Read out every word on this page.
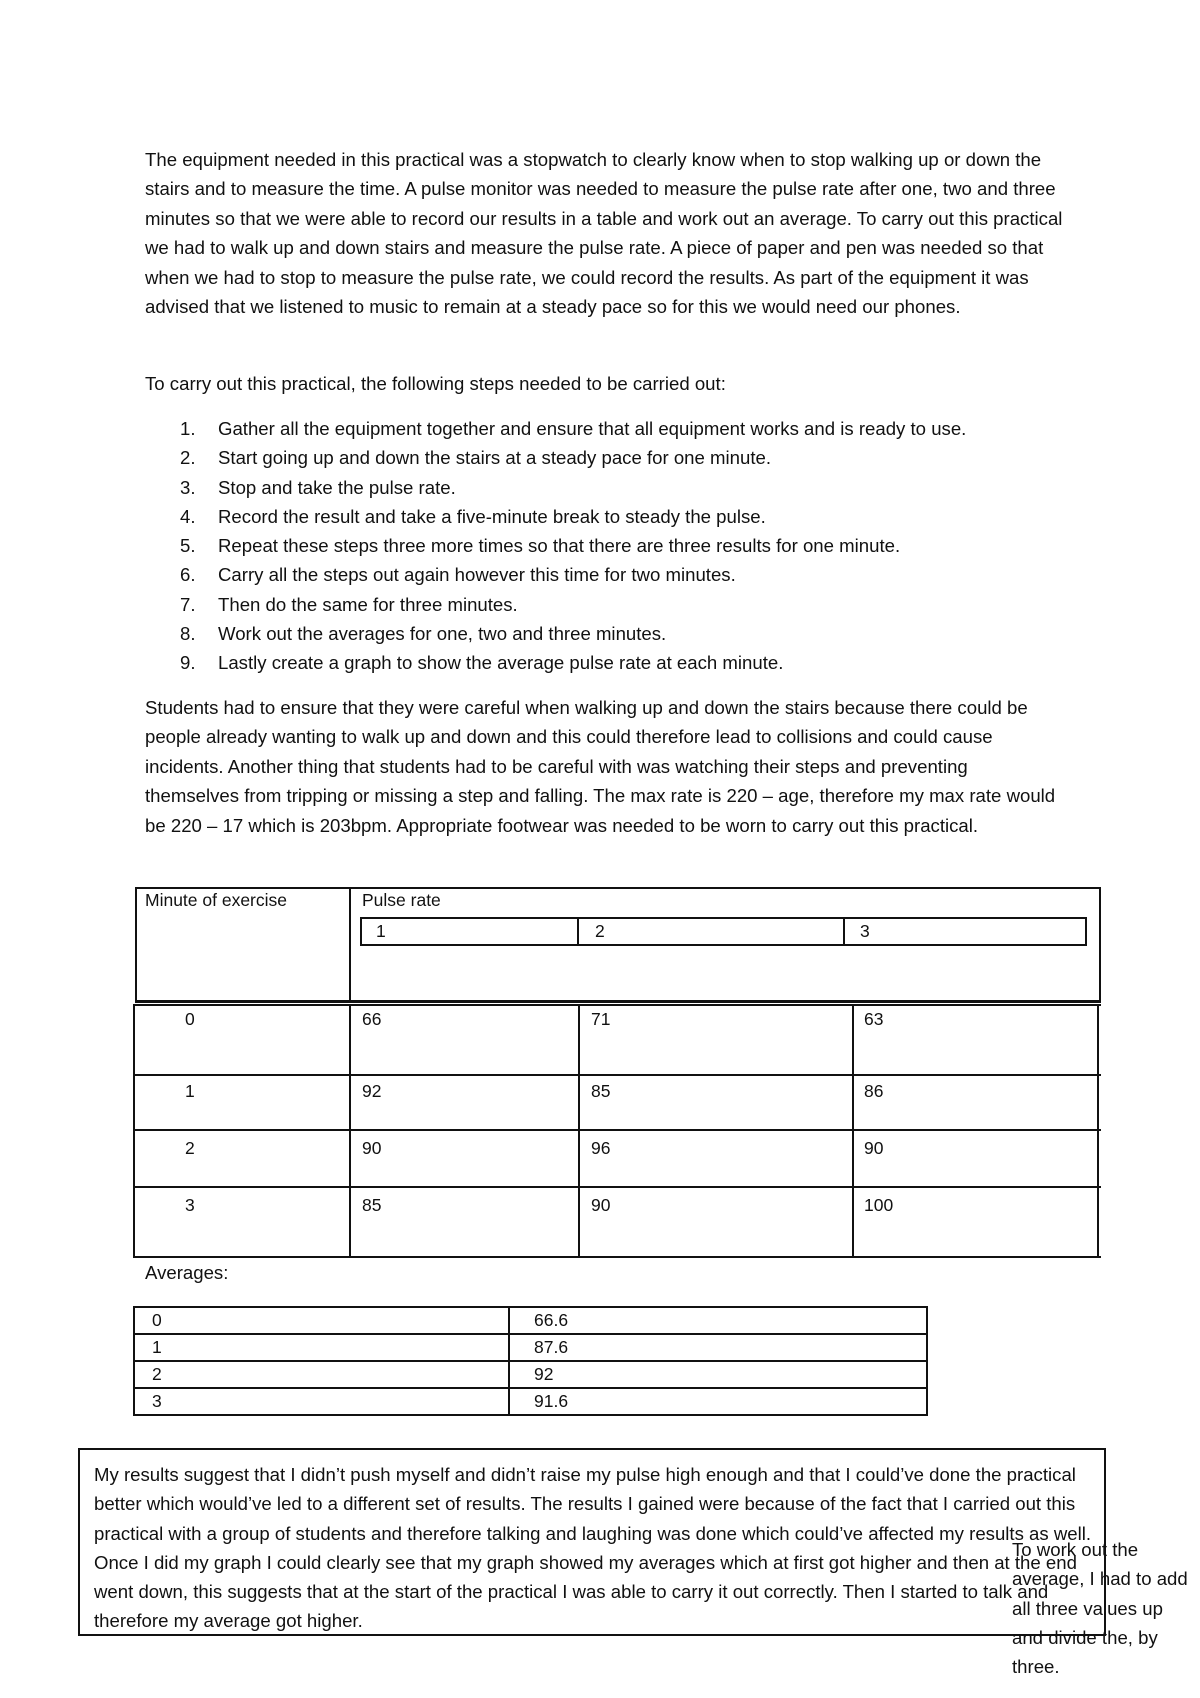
The equipment needed in this practical was a stopwatch to clearly know when to stop walking up or down the stairs and to measure the time. A pulse monitor was needed to measure the pulse rate after one, two and three minutes so that we were able to record our results in a table and work out an average. To carry out this practical we had to walk up and down stairs and measure the pulse rate. A piece of paper and pen was needed so that when we had to stop to measure the pulse rate, we could record the results. As part of the equipment it was advised that we listened to music to remain at a steady pace so for this we would need our phones.

To carry out this practical, the following steps needed to be carried out:

1.	Gather all the equipment together and ensure that all equipment works and is ready to use.
2.	Start going up and down the stairs at a steady pace for one minute.
3.	Stop and take the pulse rate.
4.	Record the result and take a five-minute break to steady the pulse.
5.	Repeat these steps three more times so that there are three results for one minute.
6.	Carry all the steps out again however this time for two minutes.
7.	Then do the same for three minutes.
8.	Work out the averages for one, two and three minutes.
9.	Lastly create a graph to show the average pulse rate at each minute.

Students had to ensure that they were careful when walking up and down the stairs because there could be people already wanting to walk up and down and this could therefore lead to collisions and could cause incidents. Another thing that students had to be careful with was watching their steps and preventing themselves from tripping or missing a step and falling. The max rate is 220 – age, therefore my max rate would be 220 – 17 which is 203bpm. Appropriate footwear was needed to be worn to carry out this practical.

Minute of exercise	Pulse rate
1	2	3
0	66	71	63
1	92	85	86
2	90	96	90
3	85	90	100
Averages:
0	66.6
1	87.6
2	92
3	91.6

My results suggest that I didn’t push myself and didn’t raise my pulse high enough and that I could’ve done the practical better which would’ve led to a different set of results. The results I gained were because of the fact that I carried out this practical with a group of students and therefore talking and laughing was done which could’ve affected my results as well. Once I did my graph I could clearly see that my graph showed my averages which at first got higher and then at the end went down, this suggests that at the start of the practical I was able to carry it out correctly. Then I started to talk and therefore my average got higher.

To work out the average, I had to add all three values up and divide the, by three.
